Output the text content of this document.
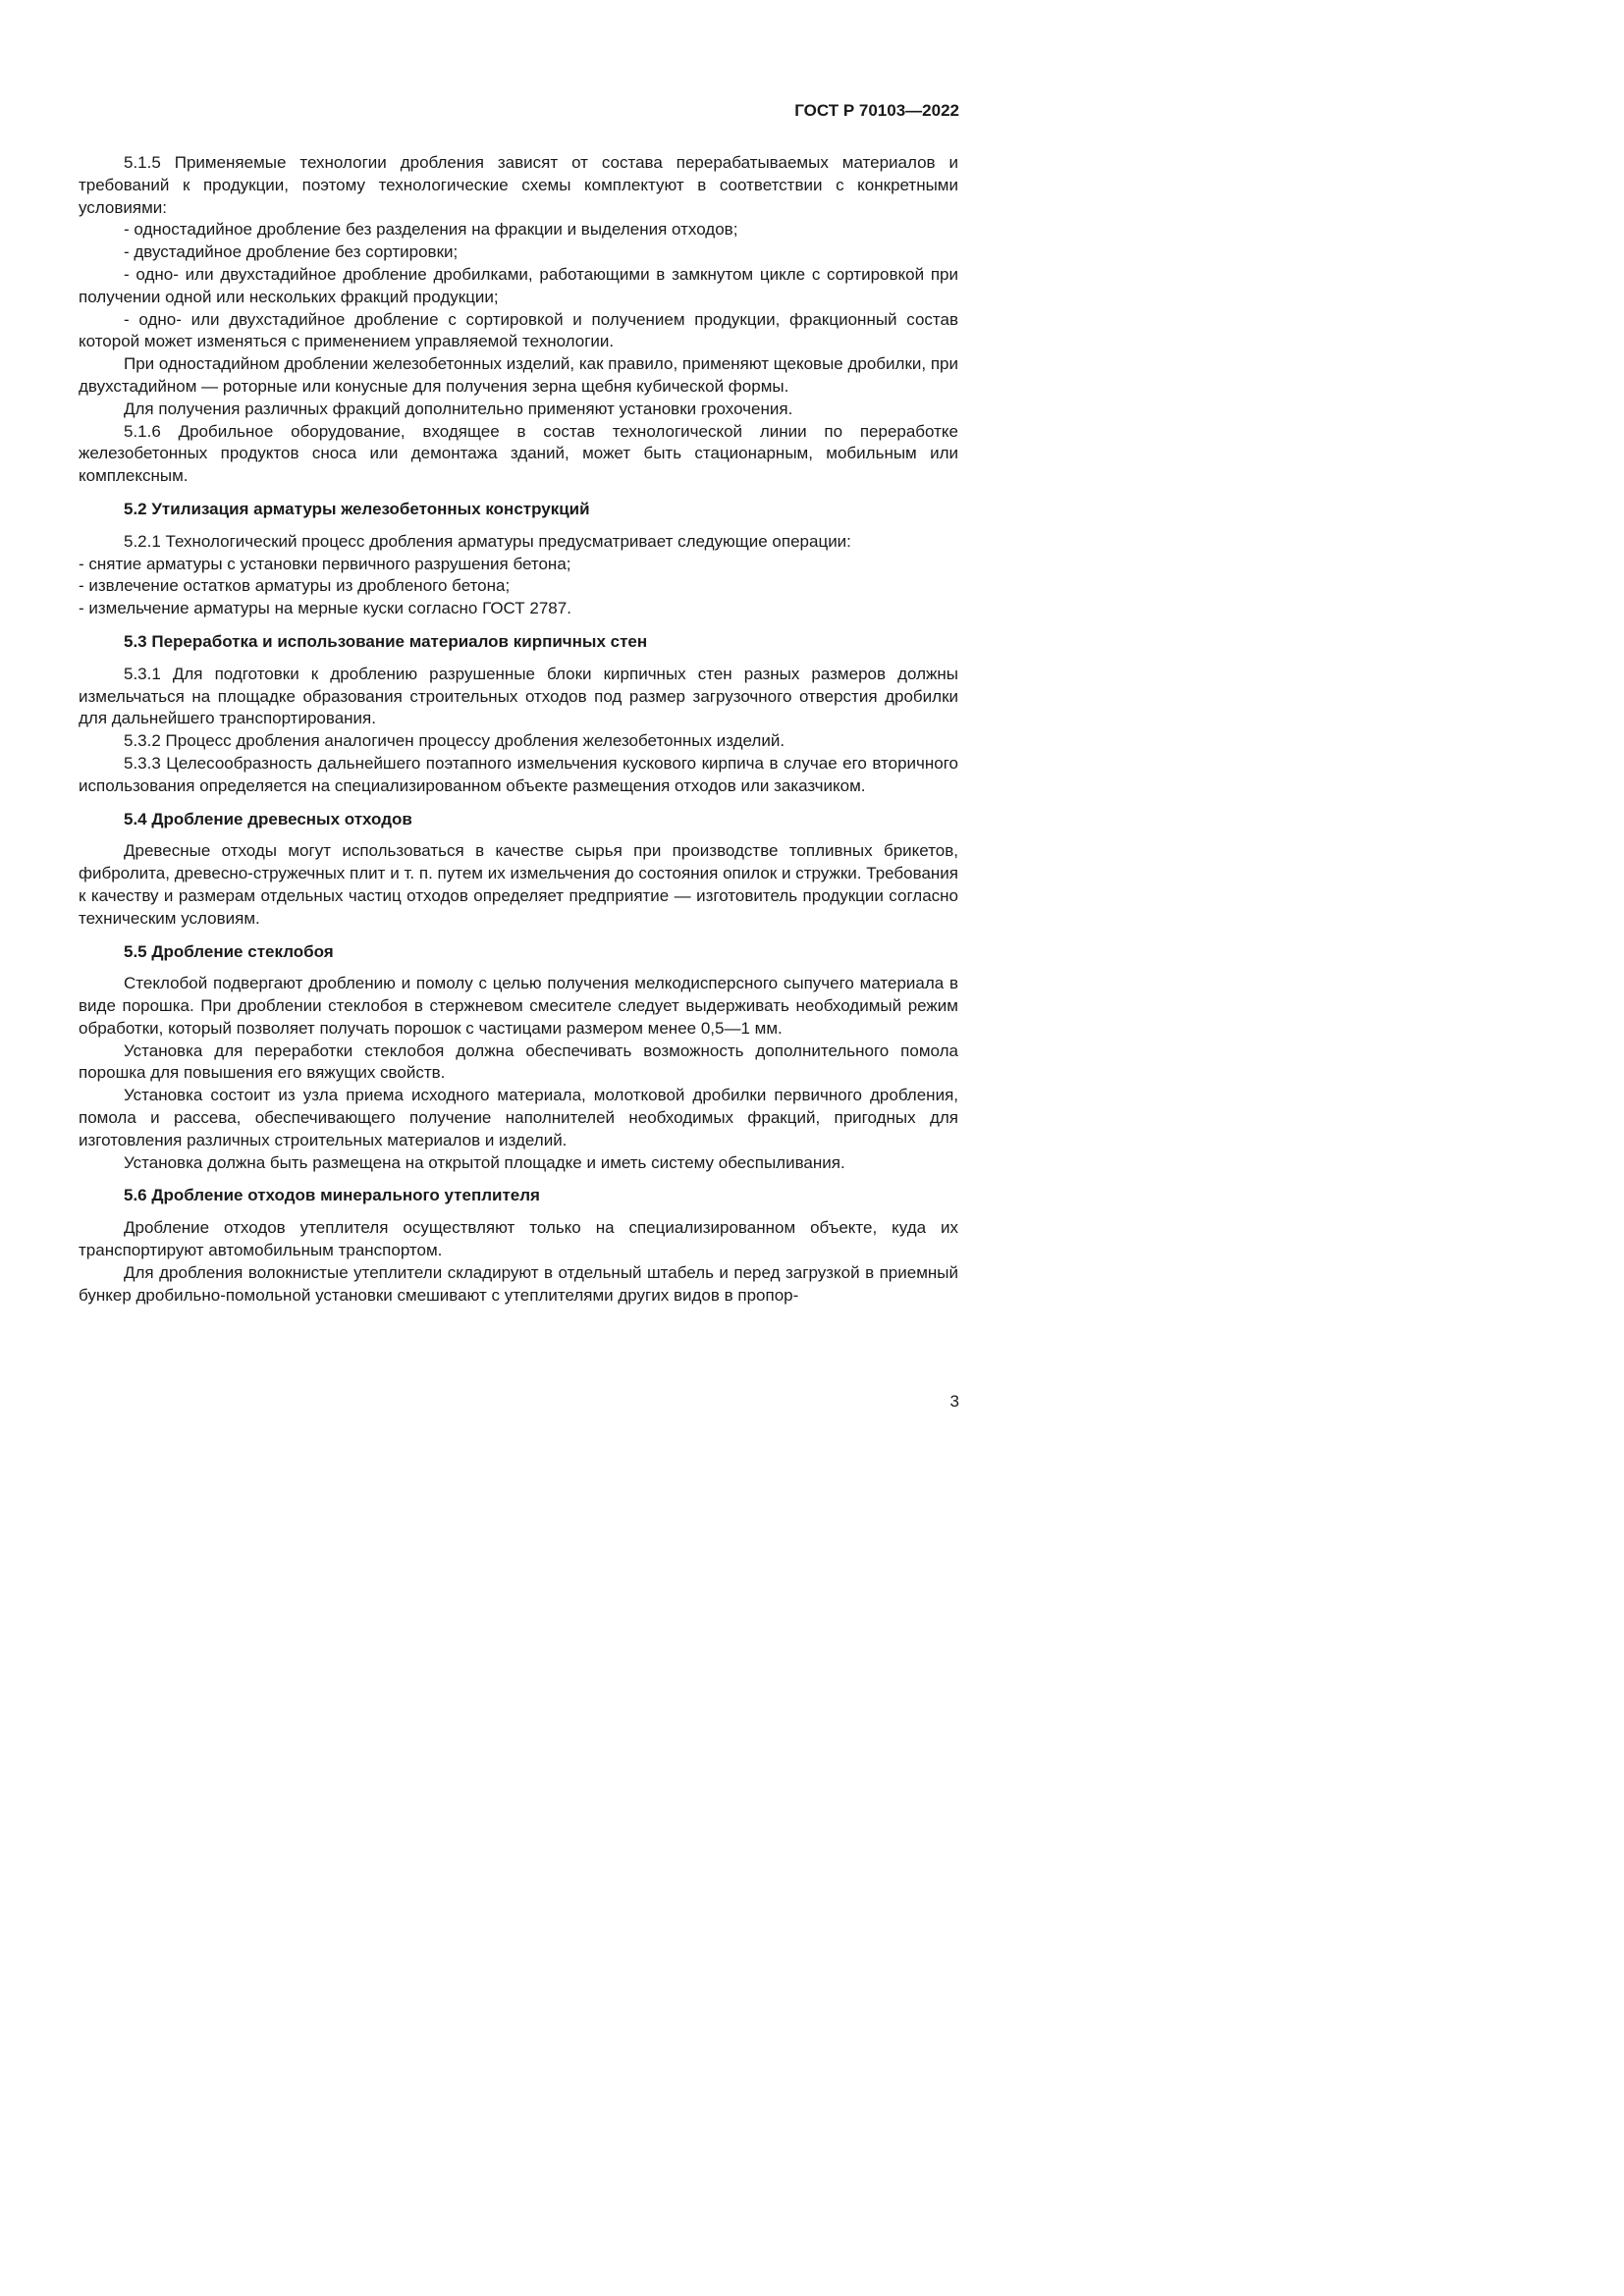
ГОСТ Р 70103—2022

5.1.5 Применяемые технологии дробления зависят от состава перерабатываемых материалов и требований к продукции, поэтому технологические схемы комплектуют в соответствии с конкретными условиями:

- одностадийное дробление без разделения на фракции и выделения отходов;

- двустадийное дробление без сортировки;

- одно- или двухстадийное дробление дробилками, работающими в замкнутом цикле с сортировкой при получении одной или нескольких фракций продукции;

- одно- или двухстадийное дробление с сортировкой и получением продукции, фракционный состав которой может изменяться с применением управляемой технологии.

При одностадийном дроблении железобетонных изделий, как правило, применяют щековые дробилки, при двухстадийном — роторные или конусные для получения зерна щебня кубической формы.

Для получения различных фракций дополнительно применяют установки грохочения.

5.1.6 Дробильное оборудование, входящее в состав технологической линии по переработке железобетонных продуктов сноса или демонтажа зданий, может быть стационарным, мобильным или комплексным.

5.2 Утилизация арматуры железобетонных конструкций

5.2.1 Технологический процесс дробления арматуры предусматривает следующие операции:

- снятие арматуры с установки первичного разрушения бетона;

- извлечение остатков арматуры из дробленого бетона;

- измельчение арматуры на мерные куски согласно ГОСТ 2787.

5.3 Переработка и использование материалов кирпичных стен

5.3.1 Для подготовки к дроблению разрушенные блоки кирпичных стен разных размеров должны измельчаться на площадке образования строительных отходов под размер загрузочного отверстия дробилки для дальнейшего транспортирования.

5.3.2 Процесс дробления аналогичен процессу дробления железобетонных изделий.

5.3.3 Целесообразность дальнейшего поэтапного измельчения кускового кирпича в случае его вторичного использования определяется на специализированном объекте размещения отходов или заказчиком.

5.4 Дробление древесных отходов

Древесные отходы могут использоваться в качестве сырья при производстве топливных брикетов, фибролита, древесно-стружечных плит и т. п. путем их измельчения до состояния опилок и стружки. Требования к качеству и размерам отдельных частиц отходов определяет предприятие — изготовитель продукции согласно техническим условиям.

5.5 Дробление стеклобоя

Стеклобой подвергают дроблению и помолу с целью получения мелкодисперсного сыпучего материала в виде порошка. При дроблении стеклобоя в стержневом смесителе следует выдерживать необходимый режим обработки, который позволяет получать порошок с частицами размером менее 0,5—1 мм.

Установка для переработки стеклобоя должна обеспечивать возможность дополнительного помола порошка для повышения его вяжущих свойств.

Установка состоит из узла приема исходного материала, молотковой дробилки первичного дробления, помола и рассева, обеспечивающего получение наполнителей необходимых фракций, пригодных для изготовления различных строительных материалов и изделий.

Установка должна быть размещена на открытой площадке и иметь систему обеспыливания.

5.6 Дробление отходов минерального утеплителя

Дробление отходов утеплителя осуществляют только на специализированном объекте, куда их транспортируют автомобильным транспортом.

Для дробления волокнистые утеплители складируют в отдельный штабель и перед загрузкой в приемный бункер дробильно-помольной установки смешивают с утеплителями других видов в пропор-

3
